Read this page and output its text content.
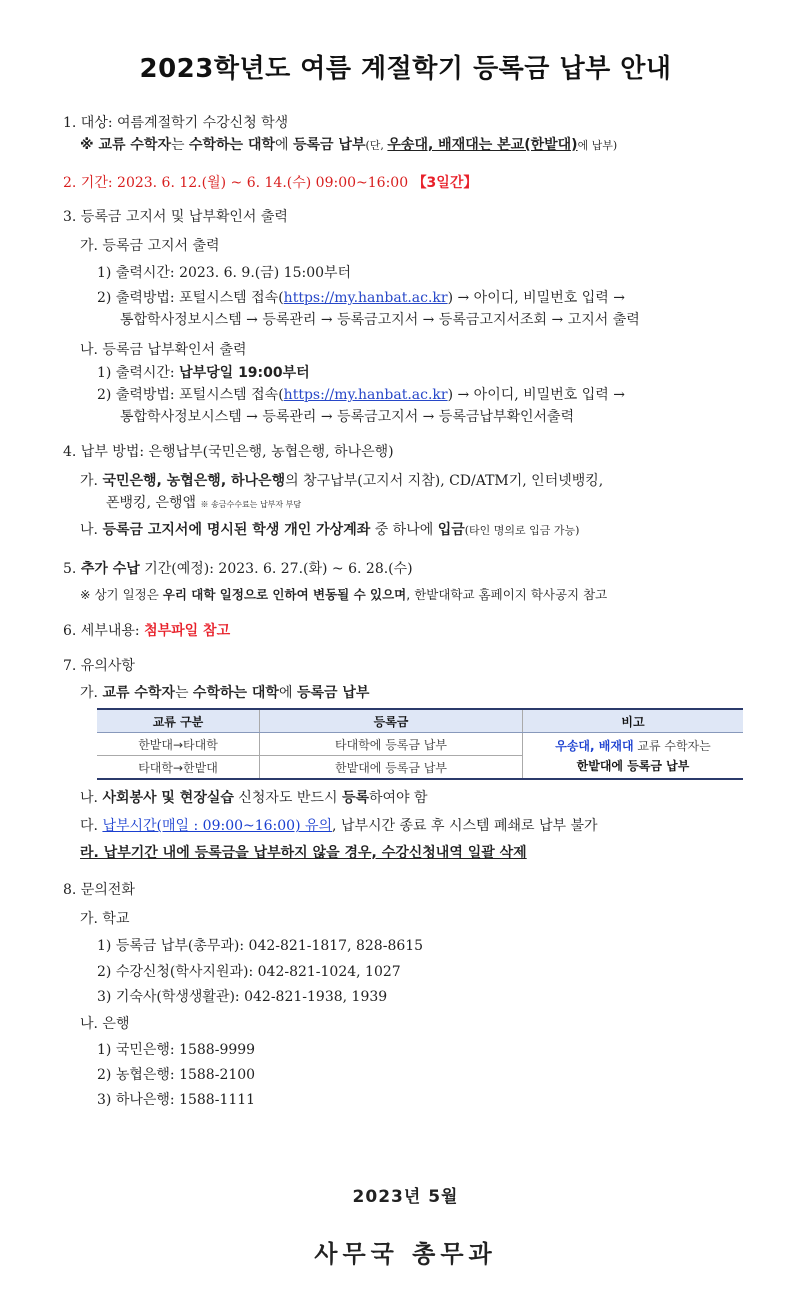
2023학년도 여름 계절학기 등록금 납부 안내
1. 대상: 여름계절학기 수강신청 학생
※ 교류 수학자는 수학하는 대학에 등록금 납부(단, 우송대, 배재대는 본교(한밭대)에 납부)
2. 기간: 2023. 6. 12.(월) ~ 6. 14.(수) 09:00~16:00 【3일간】
3. 등록금 고지서 및 납부확인서 출력
가. 등록금 고지서 출력
1) 출력시간: 2023. 6. 9.(금) 15:00부터
2) 출력방법: 포털시스템 접속(https://my.hanbat.ac.kr) → 아이디, 비밀번호 입력 →
통합학사정보시스템 → 등록관리 → 등록금고지서 → 등록금고지서조회 → 고지서 출력
나. 등록금 납부확인서 출력
1) 출력시간: 납부당일 19:00부터
2) 출력방법: 포털시스템 접속(https://my.hanbat.ac.kr) → 아이디, 비밀번호 입력 →
통합학사정보시스템 → 등록관리 → 등록금고지서 → 등록금납부확인서출력
4. 납부 방법: 은행납부(국민은행, 농협은행, 하나은행)
가. 국민은행, 농협은행, 하나은행의 창구납부(고지서 지참), CD/ATM기, 인터넷뱅킹,
폰뱅킹, 은행앱 ※ 송금수수료는 납부자 부담
나. 등록금 고지서에 명시된 학생 개인 가상계좌 중 하나에 입금(타인 명의로 입금 가능)
5. 추가 수납 기간(예정): 2023. 6. 27.(화) ~ 6. 28.(수)
※ 상기 일정은 우리 대학 일정으로 인하여 변동될 수 있으며, 한밭대학교 홈페이지 학사공지 참고
6. 세부내용: 첨부파일 참고
7. 유의사항
가. 교류 수학자는 수학하는 대학에 등록금 납부
교류 구분	등록금	비고
한밭대→타대학	타대학에 등록금 납부	우송대, 배재대 교류 수학자는
한밭대에 등록금 납부
타대학→한밭대	한밭대에 등록금 납부	
나. 사회봉사 및 현장실습 신청자도 반드시 등록하여야 함
다. 납부시간(매일 : 09:00~16:00) 유의, 납부시간 종료 후 시스템 폐쇄로 납부 불가
라. 납부기간 내에 등록금을 납부하지 않을 경우, 수강신청내역 일괄 삭제
8. 문의전화
가. 학교
1) 등록금 납부(총무과): 042-821-1817, 828-8615
2) 수강신청(학사지원과): 042-821-1024, 1027
3) 기숙사(학생생활관): 042-821-1938, 1939
나. 은행
1) 국민은행: 1588-9999
2) 농협은행: 1588-2100
3) 하나은행: 1588-1111
2023년 5월
사무국 총무과
